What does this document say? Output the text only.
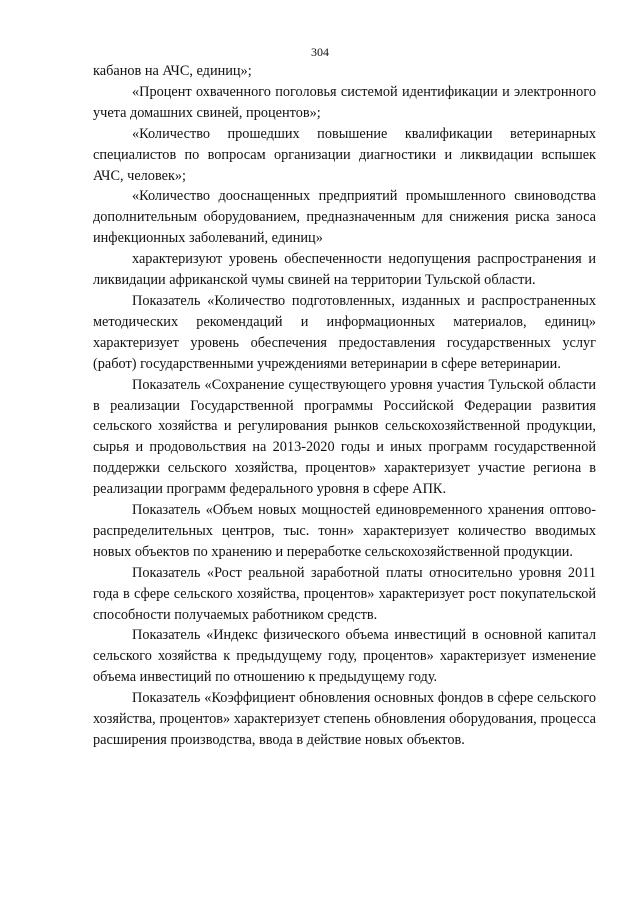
304

кабанов на АЧС, единиц»;

«Процент охваченного поголовья системой идентификации и электронного учета домашних свиней, процентов»;

«Количество прошедших повышение квалификации ветеринарных специалистов по вопросам организации диагностики и ликвидации вспышек АЧС, человек»;

«Количество дооснащенных предприятий промышленного свиноводства дополнительным оборудованием, предназначенным для снижения риска заноса инфекционных заболеваний, единиц»

характеризуют уровень обеспеченности недопущения распространения и ликвидации африканской чумы свиней на территории Тульской области.

Показатель «Количество подготовленных, изданных и распространенных методических рекомендаций и информационных материалов, единиц» характеризует уровень обеспечения предоставления государственных услуг (работ) государственными учреждениями ветеринарии в сфере ветеринарии.

Показатель «Сохранение существующего уровня участия Тульской области в реализации Государственной программы Российской Федерации развития сельского хозяйства и регулирования рынков сельскохозяйственной продукции, сырья и продовольствия на 2013-2020 годы и иных программ государственной поддержки сельского хозяйства, процентов» характеризует участие региона в реализации программ федерального уровня в сфере АПК.

Показатель «Объем новых мощностей единовременного хранения оптово-распределительных центров, тыс. тонн» характеризует количество вводимых новых объектов по хранению и переработке сельскохозяйственной продукции.

Показатель «Рост реальной заработной платы относительно уровня 2011 года в сфере сельского хозяйства, процентов» характеризует рост покупательской способности получаемых работником средств.

Показатель «Индекс физического объема инвестиций в основной капитал сельского хозяйства к предыдущему году, процентов» характеризует изменение объема инвестиций по отношению к предыдущему году.

Показатель «Коэффициент обновления основных фондов в сфере сельского хозяйства, процентов» характеризует степень обновления оборудования, процесса расширения производства, ввода в действие новых объектов.
